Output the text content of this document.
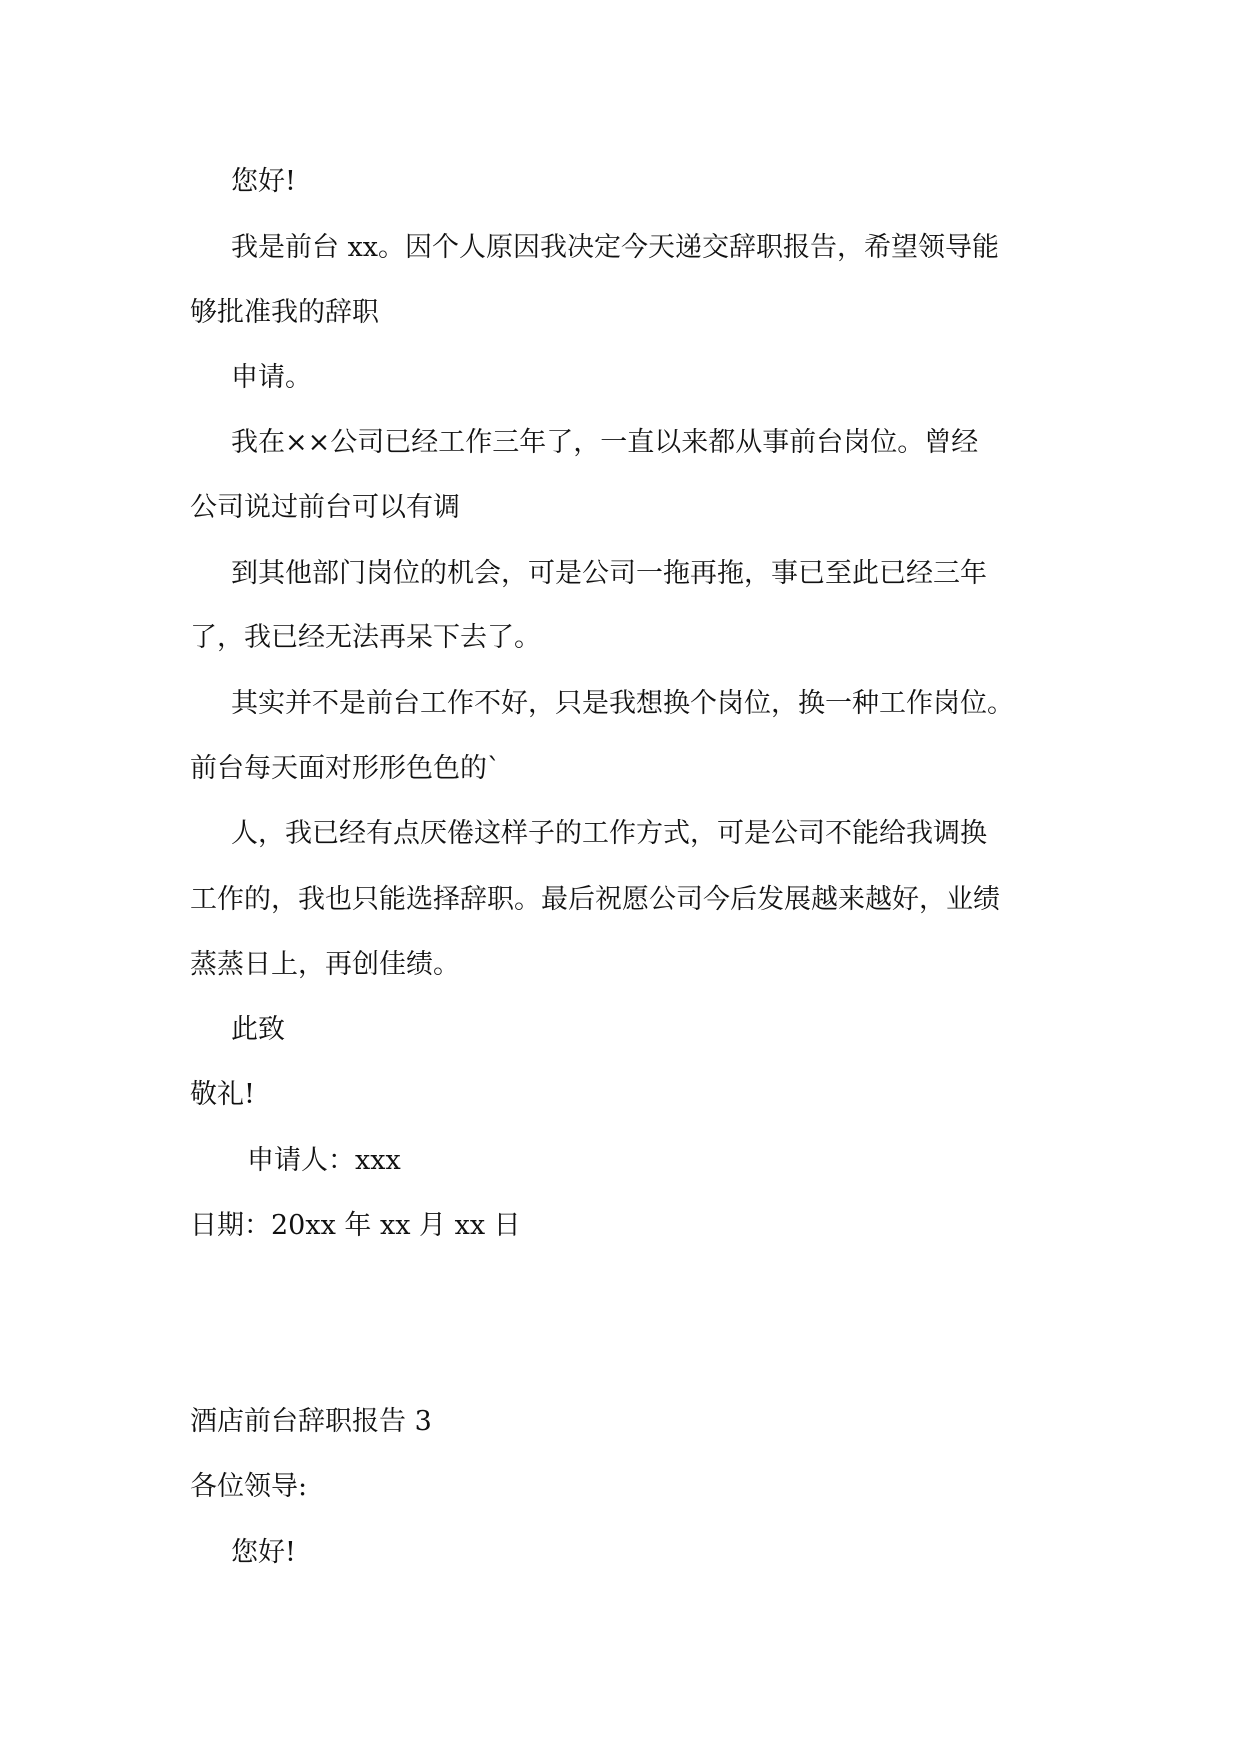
您好!
我是前台 xx。因个人原因我决定今天递交辞职报告，希望领导能
够批准我的辞职
申请。
我在××公司已经工作三年了，一直以来都从事前台岗位。曾经
公司说过前台可以有调
到其他部门岗位的机会，可是公司一拖再拖，事已至此已经三年
了，我已经无法再呆下去了。
其实并不是前台工作不好，只是我想换个岗位，换一种工作岗位。
前台每天面对形形色色的`
人，我已经有点厌倦这样子的工作方式，可是公司不能给我调换
工作的，我也只能选择辞职。最后祝愿公司今后发展越来越好，业绩
蒸蒸日上，再创佳绩。
此致
敬礼!
申请人：xxx
日期：20xx 年 xx 月 xx 日
酒店前台辞职报告 3
各位领导:
您好!
